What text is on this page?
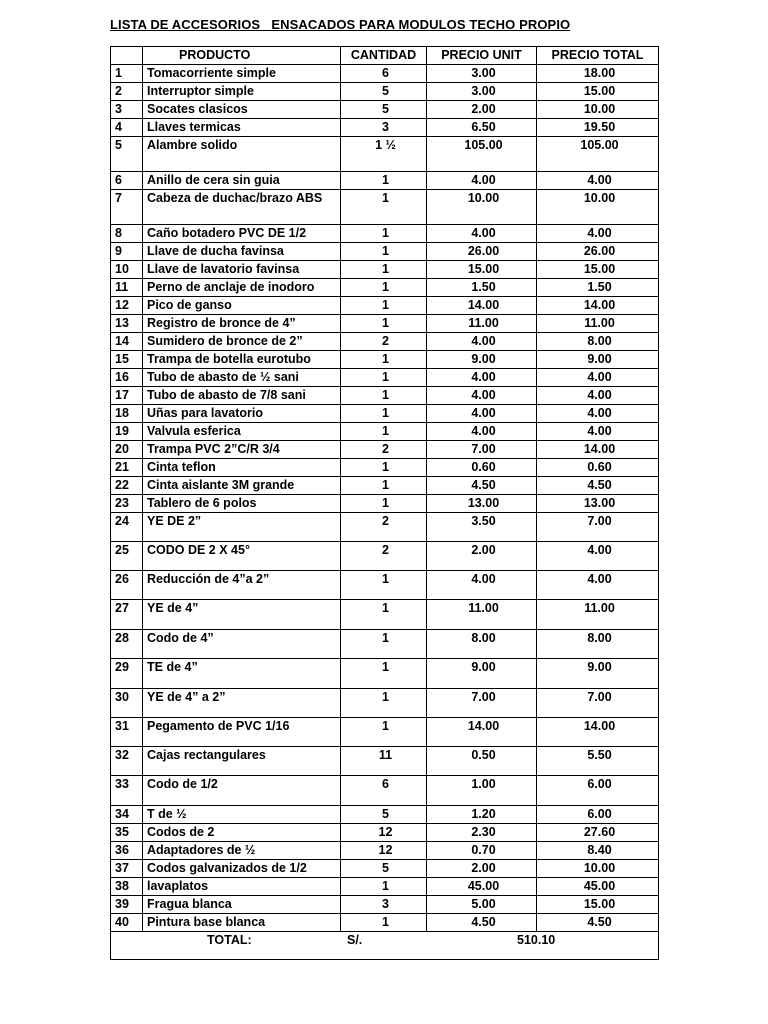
LISTA DE ACCESORIOS   ENSACADOS PARA MODULOS TECHO PROPIO
	PRODUCTO	CANTIDAD	PRECIO UNIT	PRECIO TOTAL
1	Tomacorriente simple	6	3.00	18.00
2	Interruptor simple	5	3.00	15.00
3	Socates clasicos	5	2.00	10.00
4	Llaves termicas	3	6.50	19.50
5	Alambre solido	1 ½	105.00	105.00
6	Anillo de cera sin guia	1	4.00	4.00
7	Cabeza de duchac/brazo ABS	1	10.00	10.00
8	Caño botadero PVC DE 1/2	1	4.00	4.00
9	Llave de ducha favinsa	1	26.00	26.00
10	Llave de lavatorio favinsa	1	15.00	15.00
11	Perno de anclaje de inodoro	1	1.50	1.50
12	Pico de ganso	1	14.00	14.00
13	Registro de bronce de 4”	1	11.00	11.00
14	Sumidero de bronce de 2”	2	4.00	8.00
15	Trampa de botella eurotubo	1	9.00	9.00
16	Tubo de abasto de ½ sani	1	4.00	4.00
17	Tubo de abasto de 7/8 sani	1	4.00	4.00
18	Uñas para lavatorio	1	4.00	4.00
19	Valvula esferica	1	4.00	4.00
20	Trampa PVC 2”C/R 3/4	2	7.00	14.00
21	Cinta teflon	1	0.60	0.60
22	Cinta aislante 3M grande	1	4.50	4.50
23	Tablero de 6 polos	1	13.00	13.00
24	YE DE 2”	2	3.50	7.00
25	CODO DE 2 X 45°	2	2.00	4.00
26	Reducción de 4”a 2”	1	4.00	4.00
27	YE de 4”	1	11.00	11.00
28	Codo de 4”	1	8.00	8.00
29	TE de 4”	1	9.00	9.00
30	YE de 4” a 2”	1	7.00	7.00
31	Pegamento de PVC 1/16	1	14.00	14.00
32	Cajas rectangulares	11	0.50	5.50
33	Codo de 1/2	6	1.00	6.00
34	T de ½	5	1.20	6.00
35	Codos de 2	12	2.30	27.60
36	Adaptadores de ½	12	0.70	8.40
37	Codos galvanizados de 1/2	5	2.00	10.00
38	lavaplatos	1	45.00	45.00
39	Fragua blanca	3	5.00	15.00
40	Pintura base blanca	1	4.50	4.50

TOTAL: S/. 510.10				
